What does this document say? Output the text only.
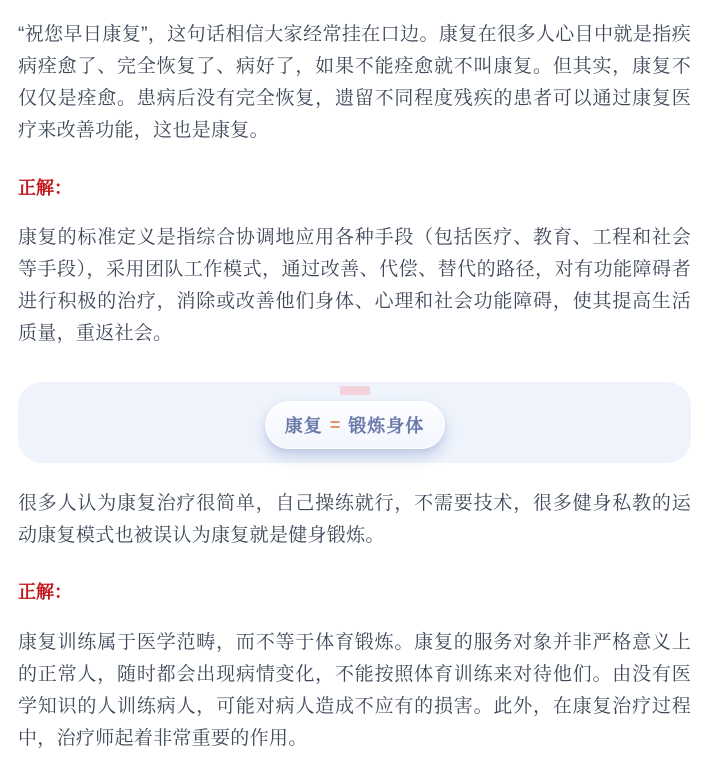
“祝您早日康复”，这句话相信大家经常挂在口边。康复在很多人心目中就是指疾病痊愈了、完全恢复了、病好了，如果不能痊愈就不叫康复。但其实，康复不仅仅是痊愈。患病后没有完全恢复，遗留不同程度残疾的患者可以通过康复医疗来改善功能，这也是康复。

正解：

康复的标准定义是指综合协调地应用各种手段（包括医疗、教育、工程和社会等手段），采用团队工作模式，通过改善、代偿、替代的路径，对有功能障碍者进行积极的治疗，消除或改善他们身体、心理和社会功能障碍，使其提高生活质量，重返社会。

康复 = 锻炼身体

很多人认为康复治疗很简单，自己操练就行，不需要技术，很多健身私教的运动康复模式也被误认为康复就是健身锻炼。

正解：

康复训练属于医学范畴，而不等于体育锻炼。康复的服务对象并非严格意义上的正常人，随时都会出现病情变化，不能按照体育训练来对待他们。由没有医学知识的人训练病人，可能对病人造成不应有的损害。此外，在康复治疗过程中，治疗师起着非常重要的作用。
